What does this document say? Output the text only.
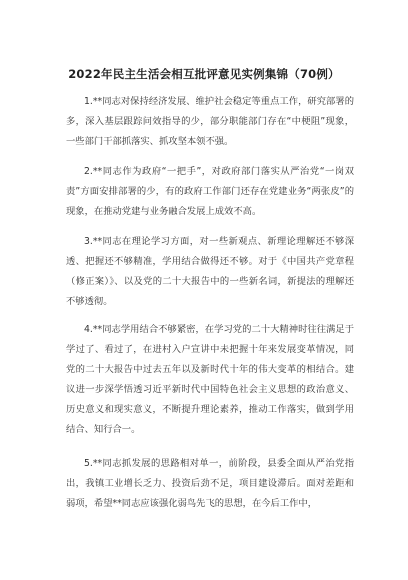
2022年民主生活会相互批评意见实例集锦（70例）
1.**同志对保持经济发展、维护社会稳定等重点工作，研究部署的多，深入基层跟踪问效指导的少，部分职能部门存在“中梗阻”现象，一些部门干部抓落实、抓攻坚本领不强。
2.**同志作为政府“一把手”，对政府部门落实从严治党“一岗双责”方面安排部署的少，有的政府工作部门还存在党建业务“两张皮”的现象，在推动党建与业务融合发展上成效不高。
3.**同志在理论学习方面，对一些新观点、新理论理解还不够深透、把握还不够精准，学用结合做得还不够。对于《中国共产党章程（修正案）》、以及党的二十大报告中的一些新名词，新提法的理解还不够透彻。
4.**同志学用结合不够紧密，在学习党的二十大精神时往往满足于学过了、看过了，在进村入户宣讲中未把握十年来发展变革情况，同党的二十大报告中过去五年以及新时代十年的伟大变革的相结合。建议进一步深学悟透习近平新时代中国特色社会主义思想的政治意义、历史意义和现实意义，不断提升理论素养，推动工作落实，做到学用结合、知行合一。
5.**同志抓发展的思路相对单一，前阶段，县委全面从严治党指出，我镇工业增长乏力、投资后劲不足，项目建设滞后。面对差距和弱项，希望**同志应该强化弱鸟先飞的思想，在今后工作中，
